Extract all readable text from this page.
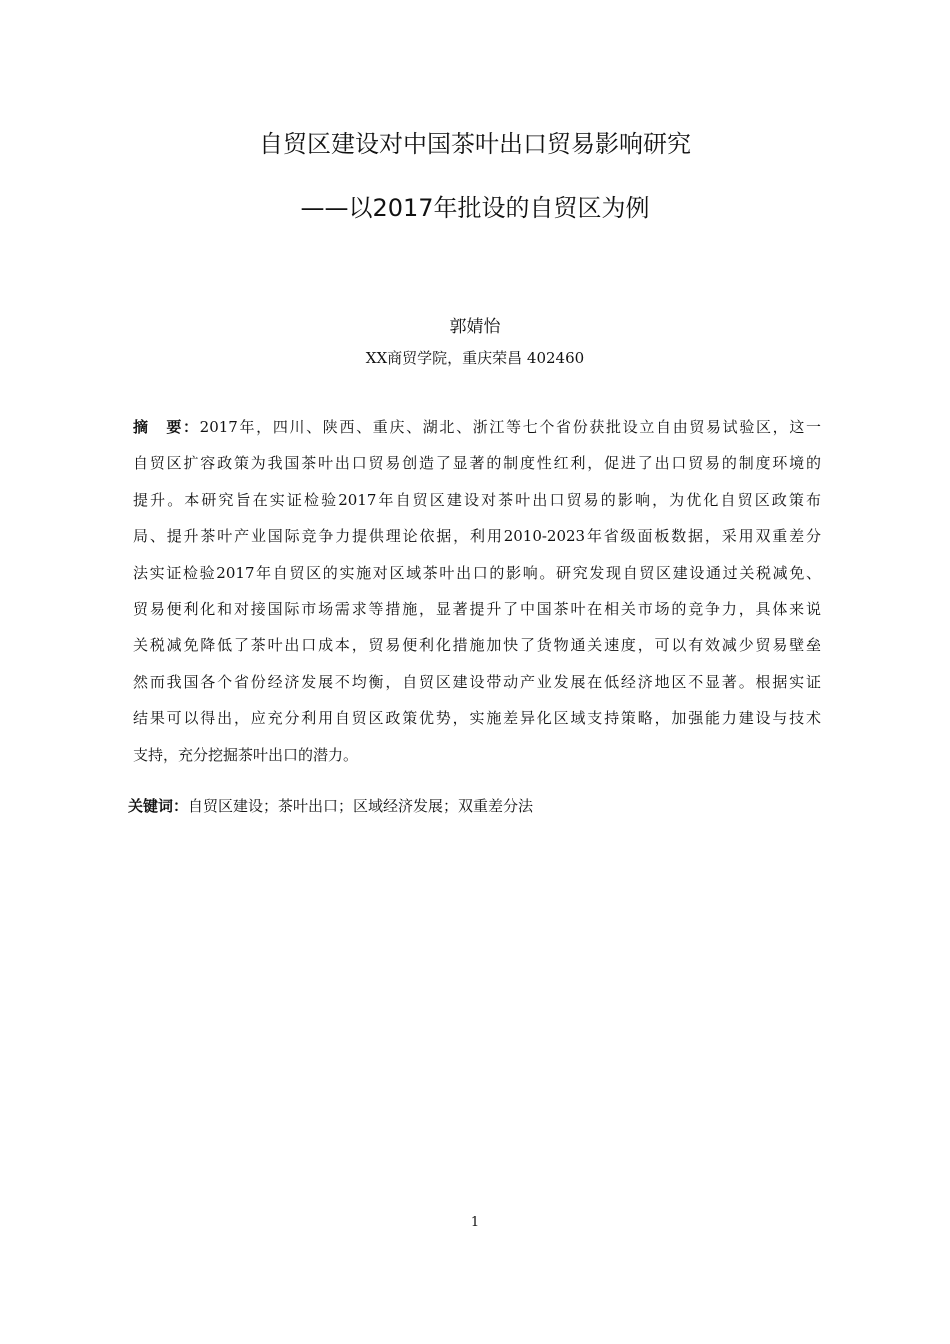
自贸区建设对中国茶叶出口贸易影响研究
——以2017年批设的自贸区为例
郭婧怡
XX商贸学院，重庆荣昌 402460
摘　要：2017年，四川、陕西、重庆、湖北、浙江等七个省份获批设立自由贸易试验区，这一
自贸区扩容政策为我国茶叶出口贸易创造了显著的制度性红利，促进了出口贸易的制度环境的
提升。本研究旨在实证检验2017年自贸区建设对茶叶出口贸易的影响，为优化自贸区政策布
局、提升茶叶产业国际竞争力提供理论依据，利用2010-2023年省级面板数据，采用双重差分
法实证检验2017年自贸区的实施对区域茶叶出口的影响。研究发现自贸区建设通过关税减免、
贸易便利化和对接国际市场需求等措施，显著提升了中国茶叶在相关市场的竞争力，具体来说
关税减免降低了茶叶出口成本，贸易便利化措施加快了货物通关速度，可以有效减少贸易壁垒
然而我国各个省份经济发展不均衡，自贸区建设带动产业发展在低经济地区不显著。根据实证
结果可以得出，应充分利用自贸区政策优势，实施差异化区域支持策略，加强能力建设与技术
支持，充分挖掘茶叶出口的潜力。
关键词：自贸区建设；茶叶出口；区域经济发展；双重差分法
1
